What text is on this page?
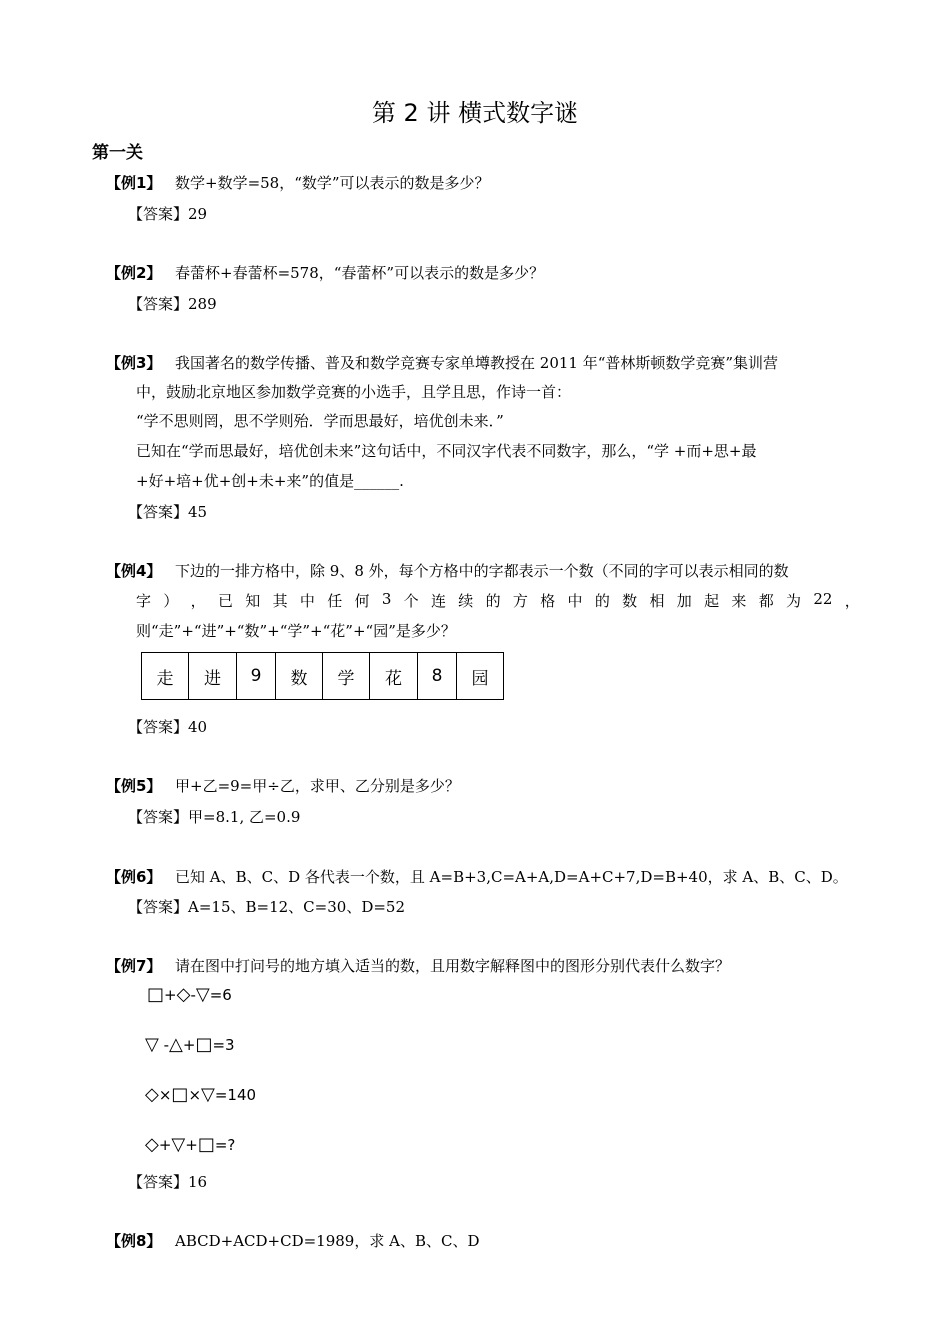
第 2 讲 横式数字谜
第一关
【例1】 数学+数学=58，“数学”可以表示的数是多少？
【答案】29
【例2】 春蕾杯+春蕾杯=578，“春蕾杯”可以表示的数是多少？
【答案】289
【例3】 我国著名的数学传播、普及和数学竞赛专家单墫教授在 2011 年“普林斯顿数学竞赛”集训营
中，鼓励北京地区参加数学竞赛的小选手，且学且思，作诗一首：
“学不思则罔，思不学则殆．学而思最好，培优创未来．”
已知在“学而思最好，培优创未来”这句话中，不同汉字代表不同数字，那么，“学 +而+思+最
+好+培+优+创+未+来”的值是______.
【答案】45
【例4】 下边的一排方格中，除 9、8 外，每个方格中的字都表示一个数（不同的字可以表示相同的数
字 ） ， 已 知 其 中 任 何 3 个 连 续 的 方 格 中 的 数 相 加 起 来 都 为 22 ，
则“走”+“进”+“数”+“学”+“花”+“园”是多少？
走	进	9	数	学	花	8	园
【答案】40
【例5】 甲+乙=9=甲÷乙，求甲、乙分别是多少？
【答案】甲=8.1, 乙=0.9
【例6】 已知 A、B、C、D 各代表一个数，且 A=B+3,C=A+A,D=A+C+7,D=B+40，求 A、B、C、D。
【答案】A=15、B=12、C=30、D=52
【例7】 请在图中打问号的地方填入适当的数，且用数字解释图中的图形分别代表什么数字？
□+◇-▽=6
▽ -△+□=3
◇×□×▽=140
◇+▽+□=?
【答案】16
【例8】 ABCD+ACD+CD=1989，求 A、B、C、D
